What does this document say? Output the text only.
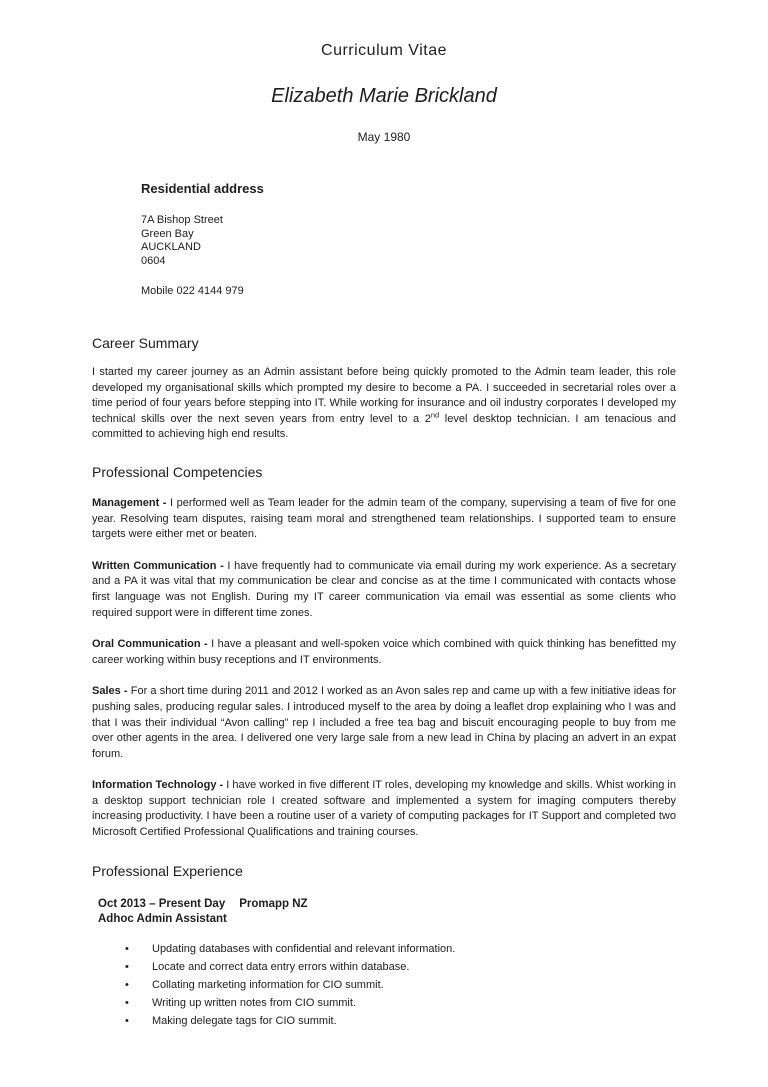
Curriculum Vitae
Elizabeth Marie Brickland
May 1980
Residential address
7A Bishop Street
Green Bay
AUCKLAND
0604
Mobile 022 4144 979
Career Summary

I started my career journey as an Admin assistant before being quickly promoted to the Admin team leader, this role developed my organisational skills which prompted my desire to become a PA. I succeeded in secretarial roles over a time period of four years before stepping into IT. While working for insurance and oil industry corporates I developed my technical skills over the next seven years from entry level to a 2nd level desktop technician. I am tenacious and committed to achieving high end results.

Professional Competencies

Management - I performed well as Team leader for the admin team of the company, supervising a team of five for one year. Resolving team disputes, raising team moral and strengthened team relationships. I supported team to ensure targets were either met or beaten.

Written Communication - I have frequently had to communicate via email during my work experience. As a secretary and a PA it was vital that my communication be clear and concise as at the time I communicated with contacts whose first language was not English. During my IT career communication via email was essential as some clients who required support were in different time zones.

Oral Communication - I have a pleasant and well-spoken voice which combined with quick thinking has benefitted my career working within busy receptions and IT environments.

Sales - For a short time during 2011 and 2012 I worked as an Avon sales rep and came up with a few initiative ideas for pushing sales, producing regular sales. I introduced myself to the area by doing a leaflet drop explaining who I was and that I was their individual “Avon calling” rep I included a free tea bag and biscuit encouraging people to buy from me over other agents in the area. I delivered one very large sale from a new lead in China by placing an advert in an expat forum.

Information Technology - I have worked in five different IT roles, developing my knowledge and skills. Whist working in a desktop support technician role I created software and implemented a system for imaging computers thereby increasing productivity. I have been a routine user of a variety of computing packages for IT Support and completed two Microsoft Certified Professional Qualifications and training courses.

Professional Experience
Oct 2013 – Present Day Promapp NZ
Adhoc Admin Assistant
•	Updating databases with confidential and relevant information.
•	Locate and correct data entry errors within database.
•	Collating marketing information for CIO summit.
•	Writing up written notes from CIO summit.
•	Making delegate tags for CIO summit.
